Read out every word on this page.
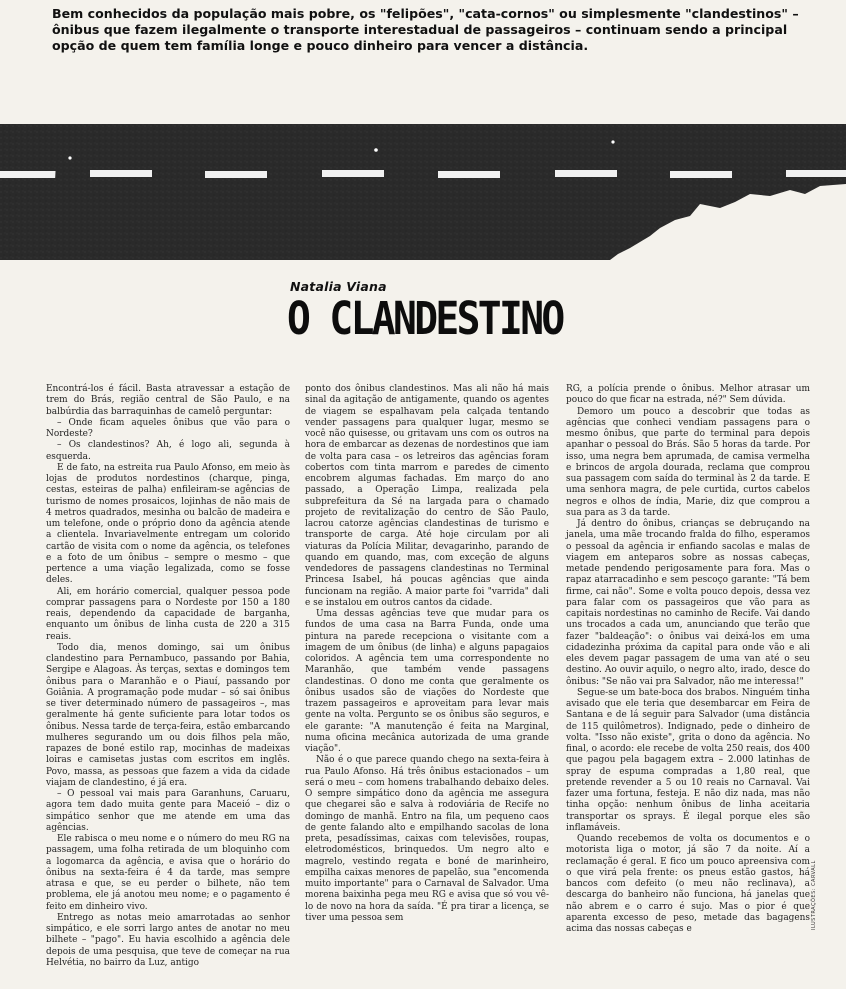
Bem conhecidos da população mais pobre, os "felipões", "cata-cornos" ou simplesmente "clandestinos" – ônibus que fazem ilegalmente o transporte interestadual de passageiros – continuam sendo a principal opção de quem tem família longe e pouco dinheiro para vencer a distância.
Natalia Viana
O CLANDESTINO

Encontrá-los é fácil. Basta atravessar a estação de trem do Brás, região central de São Paulo, e na balbúrdia das barraquinhas de camelô perguntar:

– Onde ficam aqueles ônibus que vão para o Nordeste?

– Os clandestinos? Ah, é logo ali, segunda à esquerda.

E de fato, na estreita rua Paulo Afonso, em meio às lojas de produtos nordestinos (charque, pinga, cestas, esteiras de palha) enfileiram-se agências de turismo de nomes prosaicos, lojinhas de não mais de 4 metros quadrados, mesinha ou balcão de madeira e um telefone, onde o próprio dono da agência atende a clientela. Invariavelmente entregam um colorido cartão de visita com o nome da agência, os telefones e a foto de um ônibus – sempre o mesmo – que pertence a uma viação legalizada, como se fosse deles.

Ali, em horário comercial, qualquer pessoa pode comprar passagens para o Nordeste por 150 a 180 reais, dependendo da capacidade de barganha, enquanto um ônibus de linha custa de 220 a 315 reais.

Todo dia, menos domingo, sai um ônibus clandestino para Pernambuco, passando por Bahia, Sergipe e Alagoas. Às terças, sextas e domingos tem ônibus para o Maranhão e o Piauí, passando por Goiânia. A programação pode mudar – só sai ônibus se tiver determinado número de passageiros –, mas geralmente há gente suficiente para lotar todos os ônibus. Nessa tarde de terça-feira, estão embarcando mulheres segurando um ou dois filhos pela mão, rapazes de boné estilo rap, mocinhas de madeixas loiras e camisetas justas com escritos em inglês. Povo, massa, as pessoas que fazem a vida da cidade viajam de clandestino, é já era.

– O pessoal vai mais para Garanhuns, Caruaru, agora tem dado muita gente para Maceió – diz o simpático senhor que me atende em uma das agências.

Ele rabisca o meu nome e o número do meu RG na passagem, uma folha retirada de um bloquinho com a logomarca da agência, e avisa que o horário do ônibus na sexta-feira é 4 da tarde, mas sempre atrasa e que, se eu perder o bilhete, não tem problema, ele já anotou meu nome; e o pagamento é feito em dinheiro vivo.

Entrego as notas meio amarrotadas ao senhor simpático, e ele sorri largo antes de anotar no meu bilhete – "pago". Eu havia escolhido a agência dele depois de uma pesquisa, que teve de começar na rua Helvétia, no bairro da Luz, antigo

ponto dos ônibus clandestinos. Mas ali não há mais sinal da agitação de antigamente, quando os agentes de viagem se espalhavam pela calçada tentando vender passagens para qualquer lugar, mesmo se você não quisesse, ou gritavam uns com os outros na hora de embarcar as dezenas de nordestinos que iam de volta para casa – os letreiros das agências foram cobertos com tinta marrom e paredes de cimento encobrem algumas fachadas. Em março do ano passado, a Operação Limpa, realizada pela subprefeitura da Sé na largada para o chamado projeto de revitalização do centro de São Paulo, lacrou catorze agências clandestinas de turismo e transporte de carga. Até hoje circulam por ali viaturas da Polícia Militar, devagarinho, parando de quando em quando, mas, com exceção de alguns vendedores de passagens clandestinas no Terminal Princesa Isabel, há poucas agências que ainda funcionam na região. A maior parte foi "varrida" dali e se instalou em outros cantos da cidade.

Uma dessas agências teve que mudar para os fundos de uma casa na Barra Funda, onde uma pintura na parede recepciona o visitante com a imagem de um ônibus (de linha) e alguns papagaios coloridos. A agência tem uma correspondente no Maranhão, que também vende passagens clandestinas. O dono me conta que geralmente os ônibus usados são de viações do Nordeste que trazem passageiros e aproveitam para levar mais gente na volta. Pergunto se os ônibus são seguros, e ele garante: "A manutenção é feita na Marginal, numa oficina mecânica autorizada de uma grande viação".

Não é o que parece quando chego na sexta-feira à rua Paulo Afonso. Há três ônibus estacionados – um será o meu – com homens trabalhando debaixo deles. O sempre simpático dono da agência me assegura que chegarei são e salva à rodoviária de Recife no domingo de manhã. Entro na fila, um pequeno caos de gente falando alto e empilhando sacolas de lona preta, pesadíssimas, caixas com televisões, roupas, eletrodomésticos, brinquedos. Um negro alto e magrelo, vestindo regata e boné de marinheiro, empilha caixas menores de papelão, sua "encomenda muito importante" para o Carnaval de Salvador. Uma morena baixinha pega meu RG e avisa que só vou vê-lo de novo na hora da saída. "É pra tirar a licença, se tiver uma pessoa sem

RG, a polícia prende o ônibus. Melhor atrasar um pouco do que ficar na estrada, né?" Sem dúvida.

Demoro um pouco a descobrir que todas as agências que conheci vendiam passagens para o mesmo ônibus, que parte do terminal para depois apanhar o pessoal do Brás. São 5 horas da tarde. Por isso, uma negra bem aprumada, de camisa vermelha e brincos de argola dourada, reclama que comprou sua passagem com saída do terminal às 2 da tarde. E uma senhora magra, de pele curtida, curtos cabelos negros e olhos de índia, Marie, diz que comprou a sua para as 3 da tarde.

Já dentro do ônibus, crianças se debruçando na janela, uma mãe trocando fralda do filho, esperamos o pessoal da agência ir enfiando sacolas e malas de viagem em anteparos sobre as nossas cabeças, metade pendendo perigosamente para fora. Mas o rapaz atarracadinho e sem pescoço garante: "Tá bem firme, cai não". Some e volta pouco depois, dessa vez para falar com os passageiros que vão para as capitais nordestinas no caminho de Recife. Vai dando uns trocados a cada um, anunciando que terão que fazer "baldeação": o ônibus vai deixá-los em uma cidadezinha próxima da capital para onde vão e ali eles devem pagar passagem de uma van até o seu destino. Ao ouvir aquilo, o negro alto, irado, desce do ônibus: "Se não vai pra Salvador, não me interessa!"

Segue-se um bate-boca dos brabos. Ninguém tinha avisado que ele teria que desembarcar em Feira de Santana e de lá seguir para Salvador (uma distância de 115 quilômetros). Indignado, pede o dinheiro de volta. "Isso não existe", grita o dono da agência. No final, o acordo: ele recebe de volta 250 reais, dos 400 que pagou pela bagagem extra – 2.000 latinhas de spray de espuma compradas a 1,80 real, que pretende revender a 5 ou 10 reais no Carnaval. Vai fazer uma fortuna, festeja. E não diz nada, mas não tinha opção: nenhum ônibus de linha aceitaria transportar os sprays. É ilegal porque eles são inflamáveis.

Quando recebemos de volta os documentos e o motorista liga o motor, já são 7 da noite. Aí a reclamação é geral. E fico um pouco apreensiva com o que virá pela frente: os pneus estão gastos, há bancos com defeito (o meu não reclinava), a descarga do banheiro não funciona, há janelas que não abrem e o carro é sujo. Mas o pior é que aparenta excesso de peso, metade das bagagens acima das nossas cabeças e	ILUSTRAÇÕES: CARVALL
